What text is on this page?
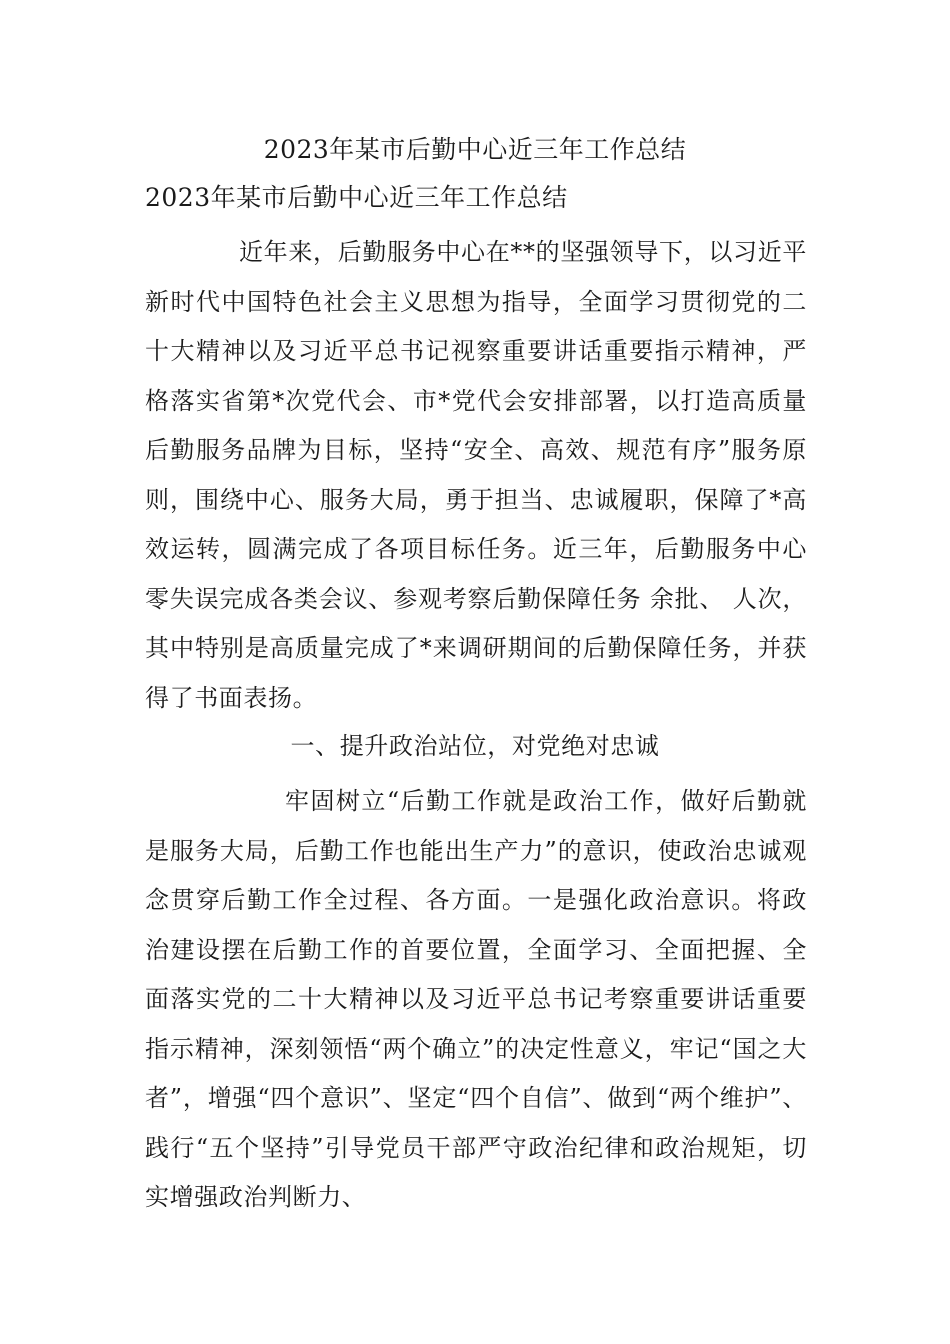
2023年某市后勤中心近三年工作总结
2023年某市后勤中心近三年工作总结
近年来，后勤服务中心在**的坚强领导下，以习近平新时代中国特色社会主义思想为指导，全面学习贯彻党的二十大精神以及习近平总书记视察重要讲话重要指示精神，严格落实省第*次党代会、市*党代会安排部署，以打造高质量后勤服务品牌为目标，坚持“安全、高效、规范有序”服务原则，围绕中心、服务大局，勇于担当、忠诚履职，保障了*高效运转，圆满完成了各项目标任务。近三年，后勤服务中心零失误完成各类会议、参观考察后勤保障任务 余批、 人次，其中特别是高质量完成了*来调研期间的后勤保障任务，并获得了书面表扬。
一、提升政治站位，对党绝对忠诚
牢固树立“后勤工作就是政治工作，做好后勤就是服务大局，后勤工作也能出生产力”的意识，使政治忠诚观念贯穿后勤工作全过程、各方面。一是强化政治意识。将政治建设摆在后勤工作的首要位置，全面学习、全面把握、全面落实党的二十大精神以及习近平总书记考察重要讲话重要指示精神，深刻领悟“两个确立”的决定性意义，牢记“国之大者”，增强“四个意识”、坚定“四个自信”、做到“两个维护”、践行“五个坚持”引导党员干部严守政治纪律和政治规矩，切实增强政治判断力、
